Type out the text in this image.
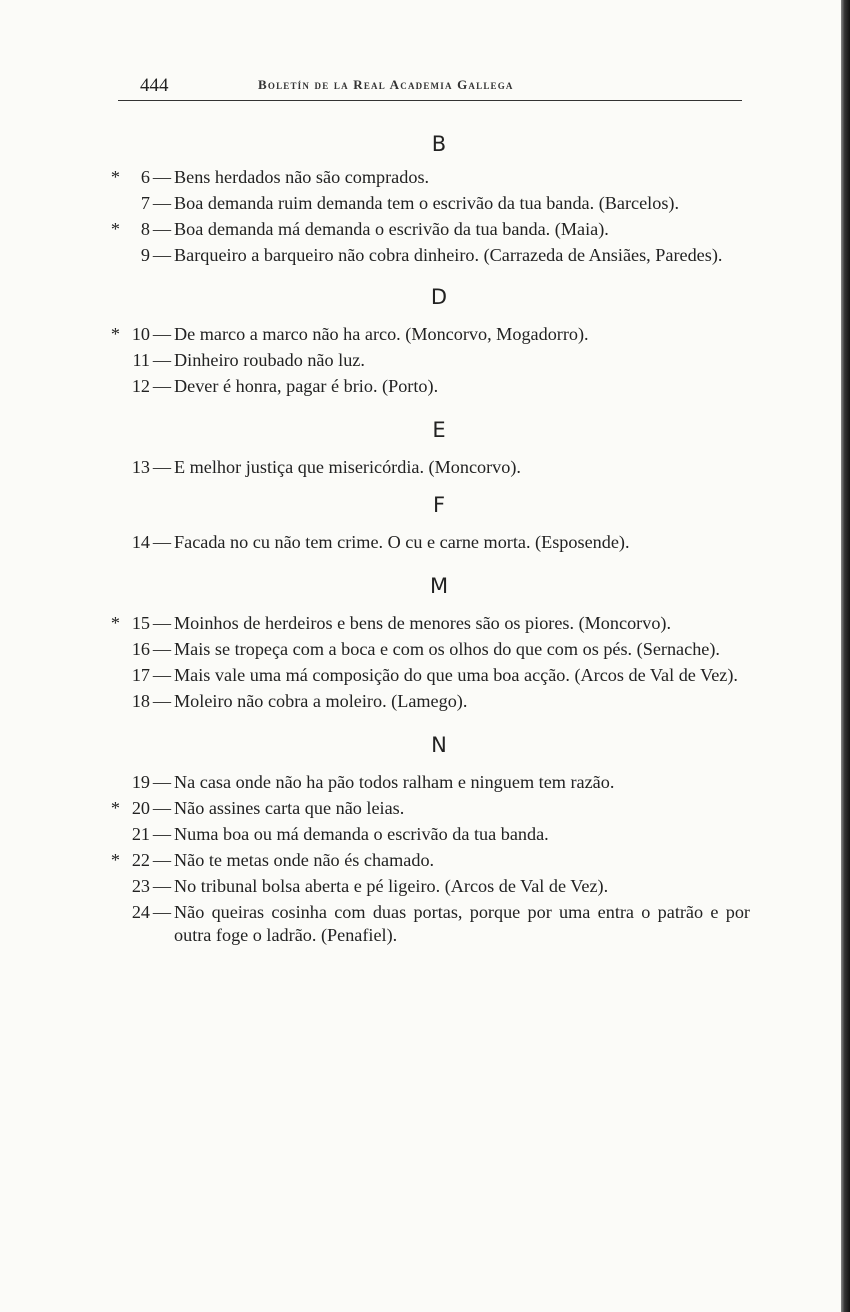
444	Boletín de la Real Academia Gallega
B
*	6 — Bens herdados não são comprados.
7 — Boa demanda ruim demanda tem o escrivão da tua banda. (Barcelos).
*	8 — Boa demanda má demanda o escrivão da tua banda. (Maia).
9 — Barqueiro a barqueiro não cobra dinheiro. (Carrazeda de Ansiães, Paredes).
D
* 10 — De marco a marco não ha arco. (Moncorvo, Mogadorro).
11 — Dinheiro roubado não luz.
12 — Dever é honra, pagar é brio. (Porto).
E
13 — E melhor justiça que misericórdia. (Moncorvo).
F
14 — Facada no cu não tem crime. O cu e carne morta. (Esposende).
M
* 15 — Moinhos de herdeiros e bens de menores são os piores. (Moncorvo).
16 — Mais se tropeça com a boca e com os olhos do que com os pés. (Sernache).
17 — Mais vale uma má composição do que uma boa acção. (Arcos de Val de Vez).
18 — Moleiro não cobra a moleiro. (Lamego).
N
19 — Na casa onde não ha pão todos ralham e ninguem tem razão.
* 20 — Não assines carta que não leias.
21 — Numa boa ou má demanda o escrivão da tua banda.
* 22 — Não te metas onde não és chamado.
23 — No tribunal bolsa aberta e pé ligeiro. (Arcos de Val de Vez).
24 — Não queiras cosinha com duas portas, porque por uma entra o patrão e por outra foge o ladrão. (Penafiel).
